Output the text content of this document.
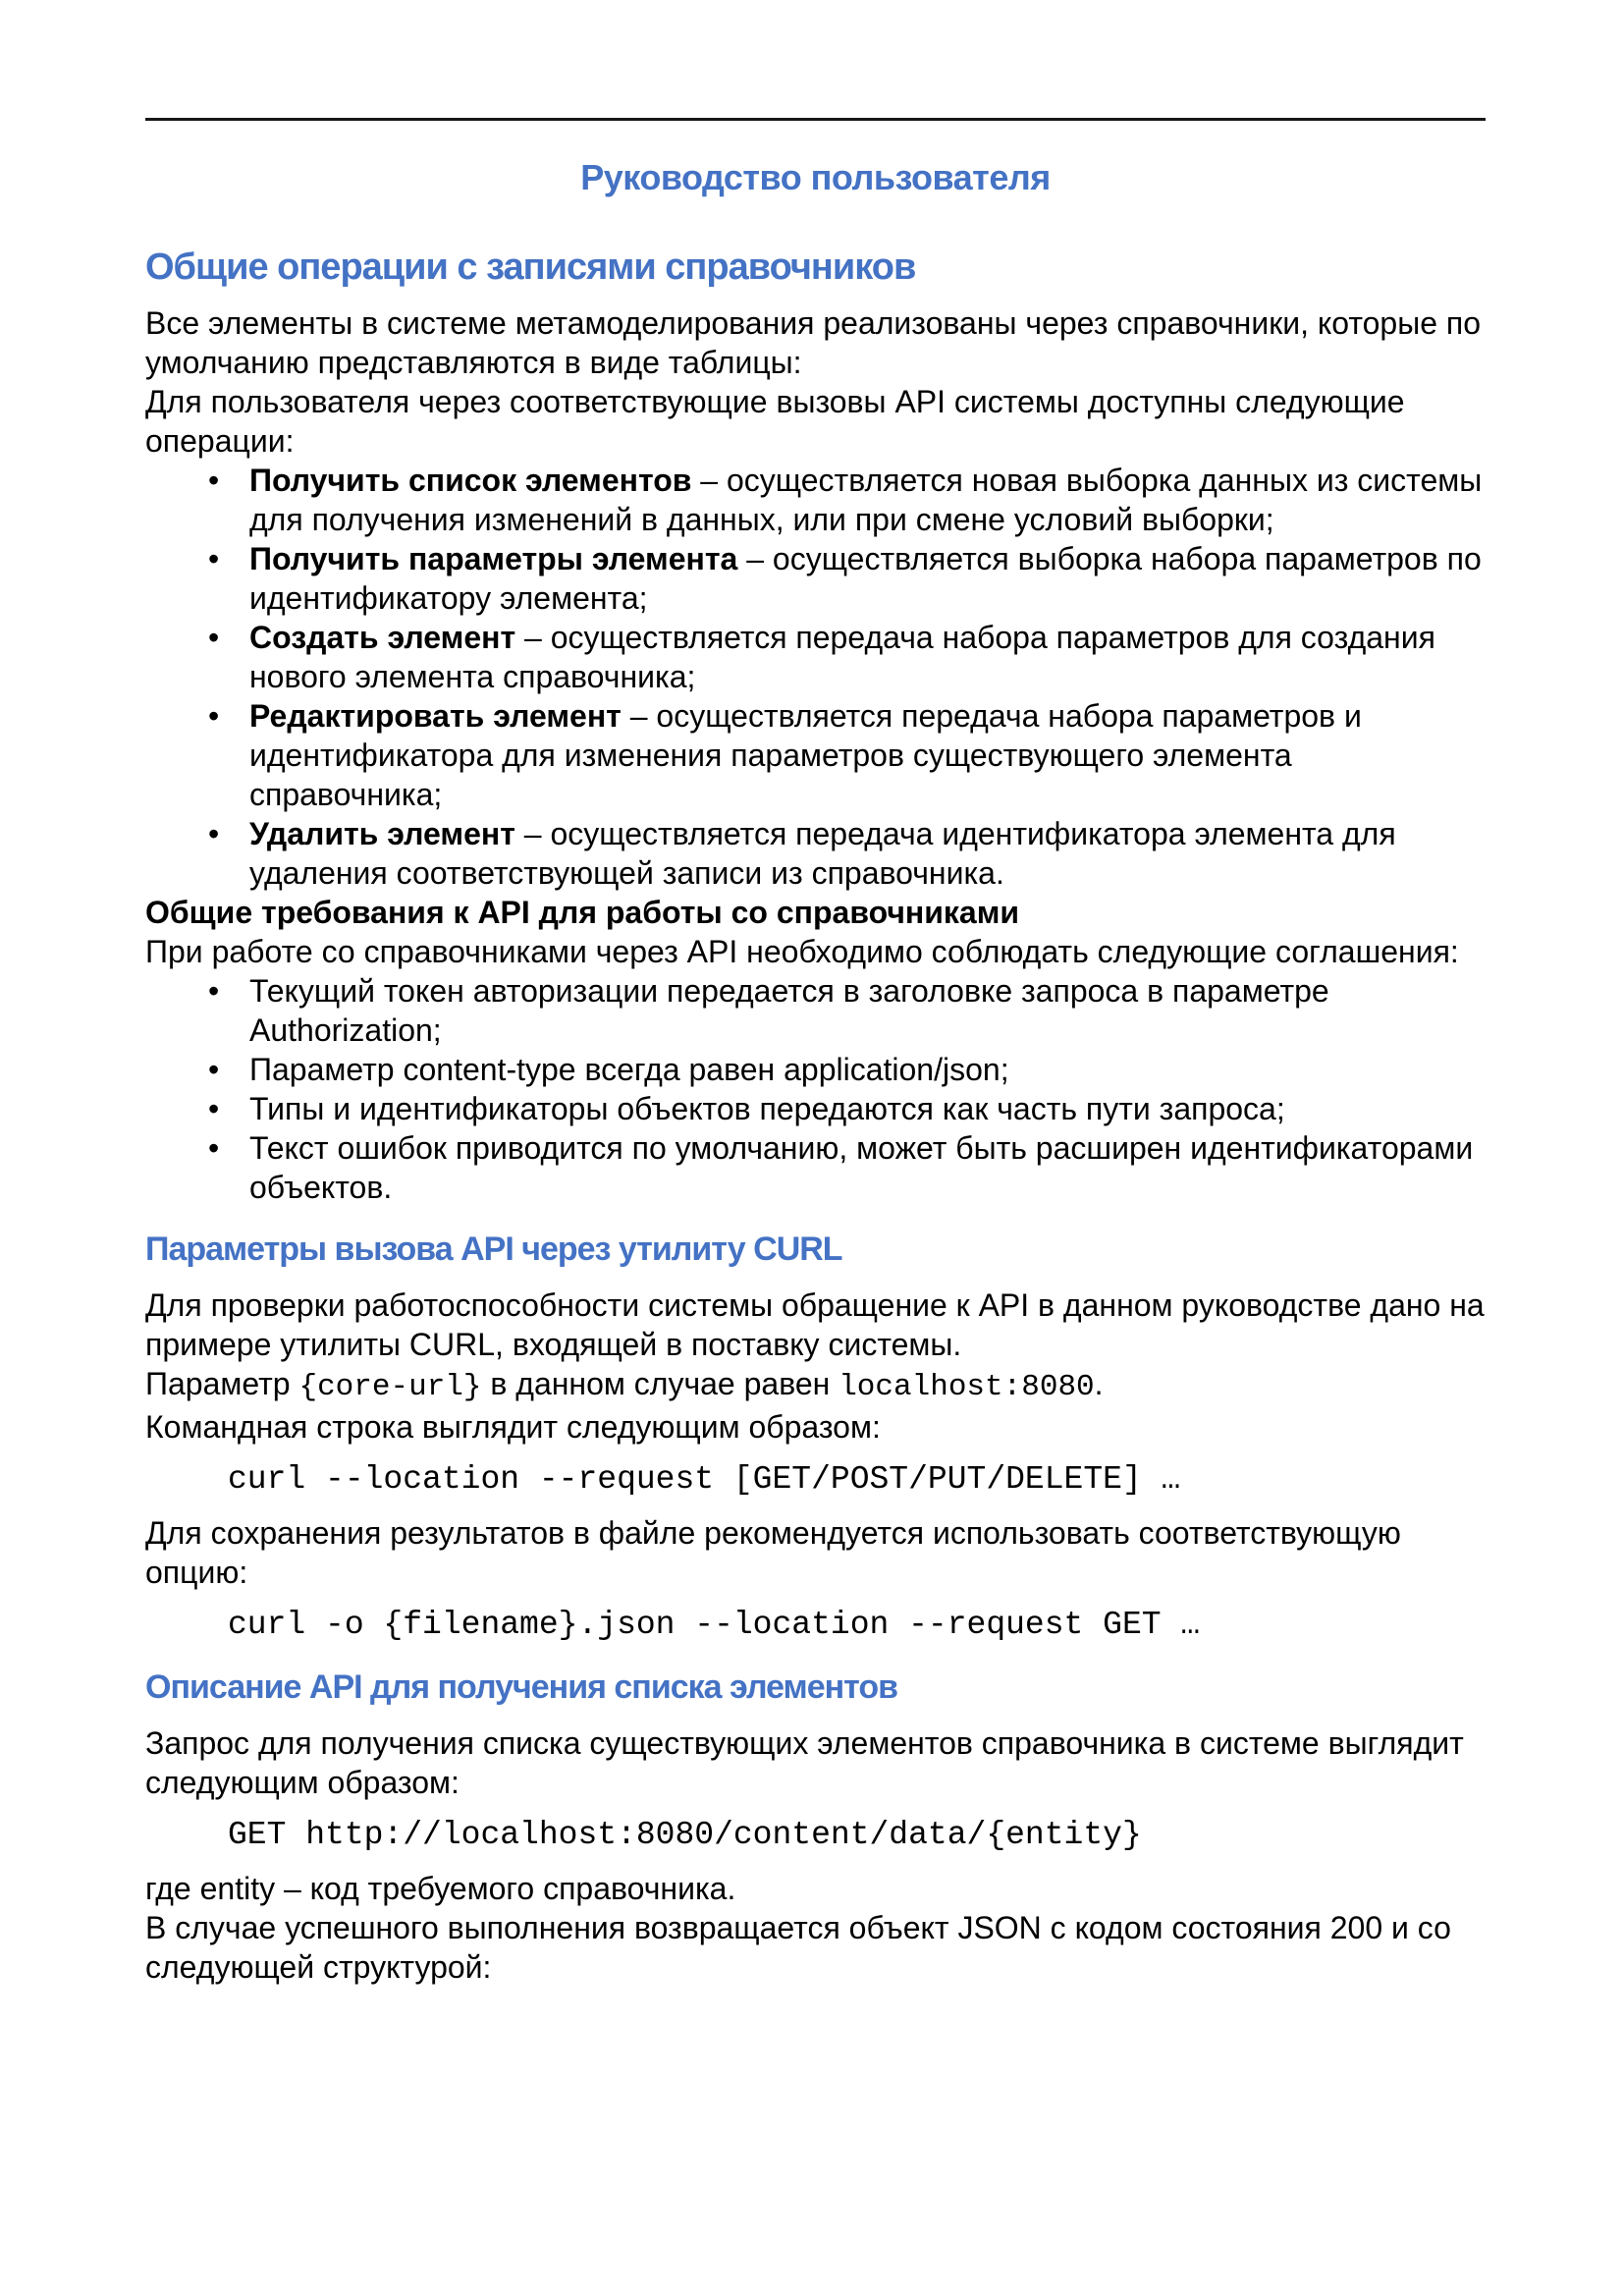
Руководство пользователя
Общие операции с записями справочников

Все элементы в системе метамоделирования реализованы через справочники, которые по умолчанию представляются в виде таблицы:

Для пользователя через соответствующие вызовы API системы доступны следующие операции:

• Получить список элементов – осуществляется новая выборка данных из системы для получения изменений в данных, или при смене условий выборки;
• Получить параметры элемента – осуществляется выборка набора параметров по идентификатору элемента;
• Создать элемент – осуществляется передача набора параметров для создания нового элемента справочника;
• Редактировать элемент – осуществляется передача набора параметров и идентификатора для изменения параметров существующего элемента справочника;
• Удалить элемент – осуществляется передача идентификатора элемента для удаления соответствующей записи из справочника.

Общие требования к API для работы со справочниками

При работе со справочниками через API необходимо соблюдать следующие соглашения:

• Текущий токен авторизации передается в заголовке запроса в параметре Authorization;
• Параметр content-type всегда равен application/json;
• Типы и идентификаторы объектов передаются как часть пути запроса;
• Текст ошибок приводится по умолчанию, может быть расширен идентификаторами объектов.
Параметры вызова API через утилиту CURL

Для проверки работоспособности системы обращение к API в данном руководстве дано на примере утилиты CURL, входящей в поставку системы.

Параметр {core-url} в данном случае равен localhost:8080.

Командная строка выглядит следующим образом:

curl --location --request [GET/POST/PUT/DELETE] …

Для сохранения результатов в файле рекомендуется использовать соответствующую опцию:

curl -o {filename}.json --location --request GET …
Описание API для получения списка элементов

Запрос для получения списка существующих элементов справочника в системе выглядит следующим образом:

GET http://localhost:8080/content/data/{entity}

где entity – код требуемого справочника.

В случае успешного выполнения возвращается объект JSON с кодом состояния 200 и со следующей структурой:
